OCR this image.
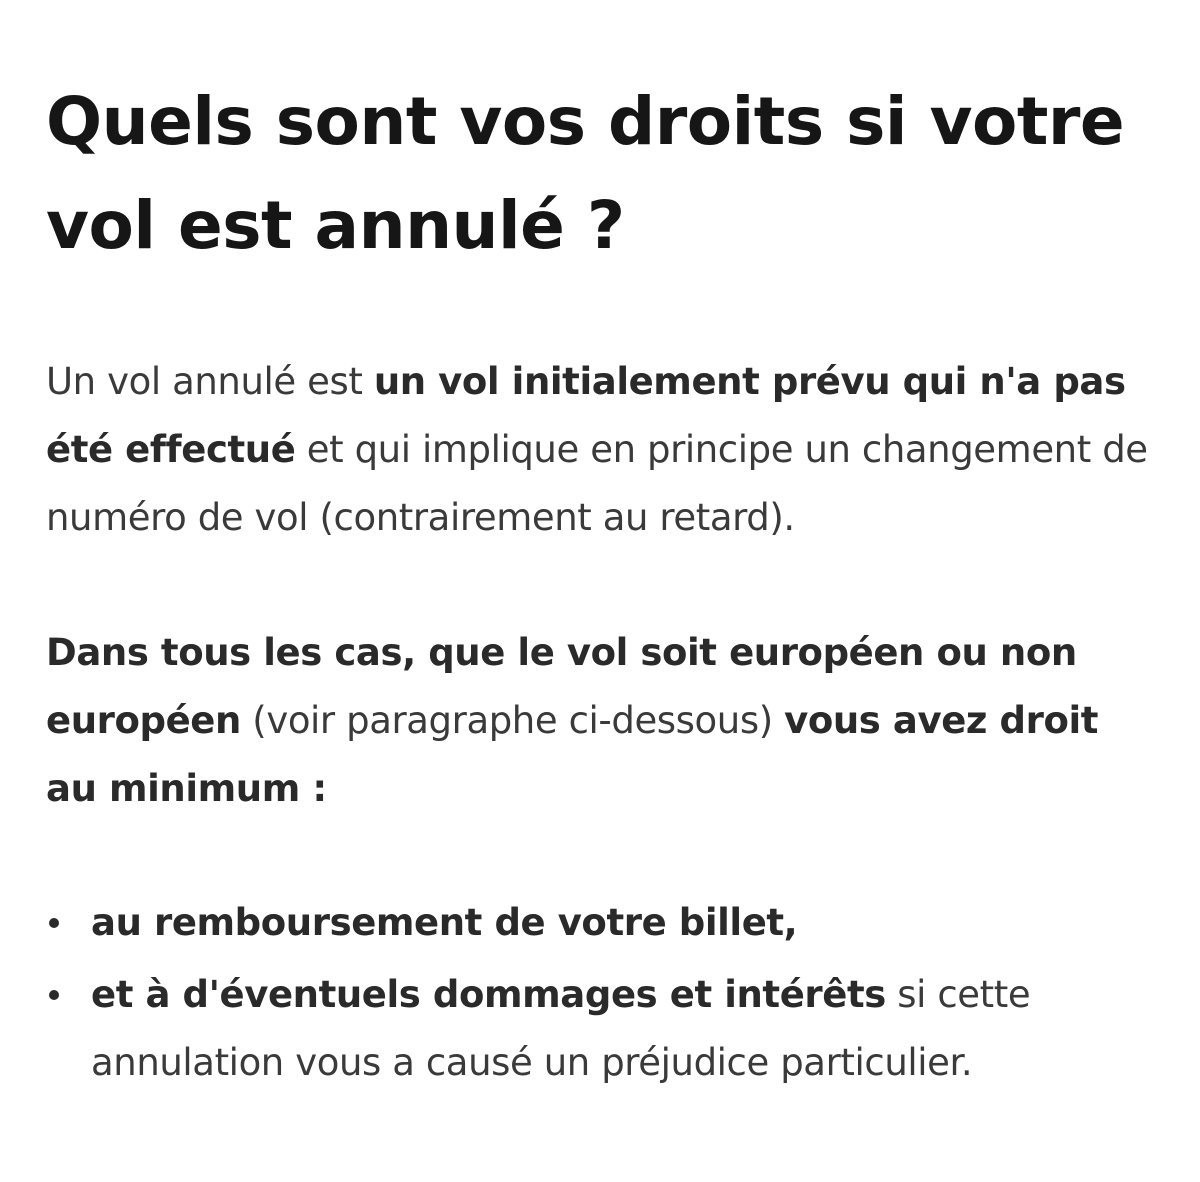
Quels sont vos droits si votre vol est annulé ?

Un vol annulé est un vol initialement prévu qui n'a pas été effectué et qui implique en principe un changement de numéro de vol (contrairement au retard).

Dans tous les cas, que le vol soit européen ou non européen (voir paragraphe ci-dessous) vous avez droit au minimum :

au remboursement de votre billet,
et à d'éventuels dommages et intérêts si cette annulation vous a causé un préjudice particulier.
